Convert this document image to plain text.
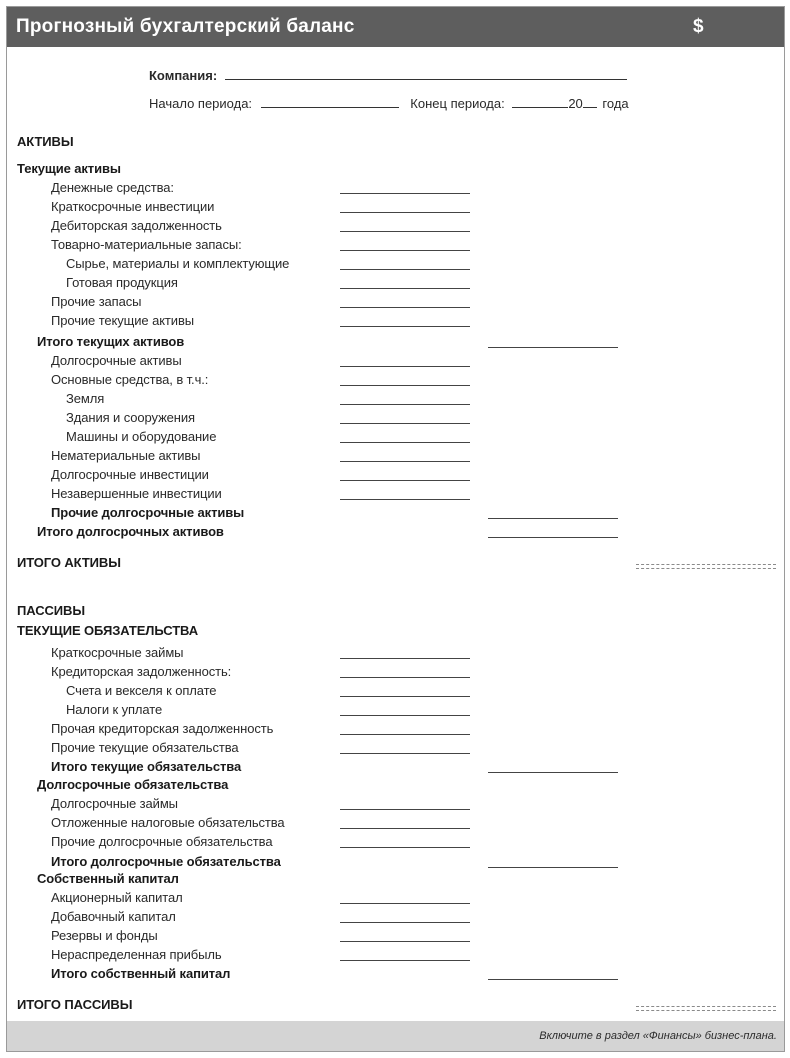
Прогнозный бухгалтерский баланс	$
Компания:
Начало периода:	Конец периода:	20 года
АКТИВЫ
Текущие активы
Денежные средства:
Краткосрочные инвестиции
Дебиторская задолженность
Товарно-материальные запасы:
Сырье, материалы и комплектующие
Готовая продукция
Прочие запасы
Прочие текущие активы
Итого текущих активов
Долгосрочные активы
Основные средства, в т.ч.:
Земля
Здания и сооружения
Машины и оборудование
Нематериальные активы
Долгосрочные инвестиции
Незавершенные инвестиции
Прочие долгосрочные активы
Итого долгосрочных активов
ИТОГО АКТИВЫ
ПАССИВЫ
ТЕКУЩИЕ ОБЯЗАТЕЛЬСТВА
Краткосрочные займы
Кредиторская задолженность:
Счета и векселя к оплате
Налоги к уплате
Прочая кредиторская задолженность
Прочие текущие обязательства
Итого текущие обязательства
Долгосрочные обязательства
Долгосрочные займы
Отложенные налоговые обязательства
Прочие долгосрочные обязательства
Итого долгосрочные обязательства
Собственный капитал
Акционерный капитал
Добавочный капитал
Резервы и фонды
Нераспределенная прибыль
Итого собственный капитал
ИТОГО ПАССИВЫ
Включите в раздел «Финансы» бизнес-плана.
